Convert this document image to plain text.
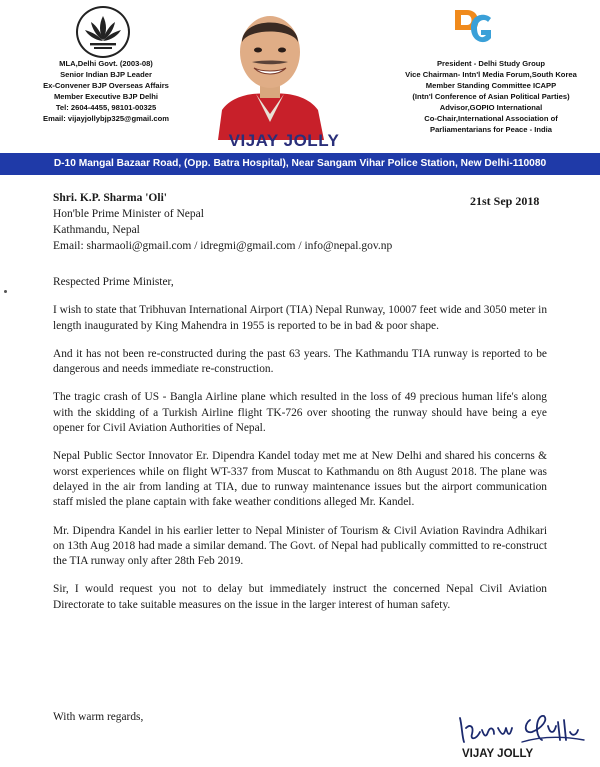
MLA,Delhi Govt. (2003-08)
Senior Indian BJP Leader
Ex-Convener BJP Overseas Affairs
Member Executive BJP Delhi
Tel: 2604-4455, 98101-00325
Email: vijayjollybjp325@gmail.com
VIJAY JOLLY
President - Delhi Study Group
Vice Chairman- Intn'l Media Forum,South Korea
Member Standing Committee ICAPP
(Intn'l Conference of Asian Political Parties)
Advisor,GOPIO International
Co-Chair,International Association of
Parliamentarians for Peace - India
D-10 Mangal Bazaar Road, (Opp. Batra Hospital), Near Sangam Vihar Police Station, New Delhi-110080
21st Sep 2018
Shri. K.P. Sharma 'Oli'
Hon'ble Prime Minister of Nepal
Kathmandu, Nepal
Email: sharmaoli@gmail.com / idregmi@gmail.com / info@nepal.gov.np

Respected Prime Minister,

I wish to state that Tribhuvan International Airport (TIA) Nepal Runway, 10007 feet wide and 3050 meter in length inaugurated by King Mahendra in 1955 is reported to be in bad & poor shape.

And it has not been re-constructed during the past 63 years. The Kathmandu TIA runway is reported to be dangerous and needs immediate re-construction.

The tragic crash of US - Bangla Airline plane which resulted in the loss of 49 precious human life's along with the skidding of a Turkish Airline flight TK-726 over shooting the runway should have being a eye opener for Civil Aviation Authorities of Nepal.

Nepal Public Sector Innovator Er. Dipendra Kandel today met me at New Delhi and shared his concerns & worst experiences while on flight WT-337 from Muscat to Kathmandu on 8th August 2018. The plane was delayed in the air from landing at TIA, due to runway maintenance issues but the airport communication staff misled the plane captain with fake weather conditions alleged Mr. Kandel.

Mr. Dipendra Kandel in his earlier letter to Nepal Minister of Tourism & Civil Aviation Ravindra Adhikari on 13th Aug 2018 had made a similar demand. The Govt. of Nepal had publically committed to re-construct the TIA runway only after 28th Feb 2019.

Sir, I would request you not to delay but immediately instruct the concerned Nepal Civil Aviation Directorate to take suitable measures on the issue in the larger interest of human safety.

With warm regards,
VIJAY JOLLY
